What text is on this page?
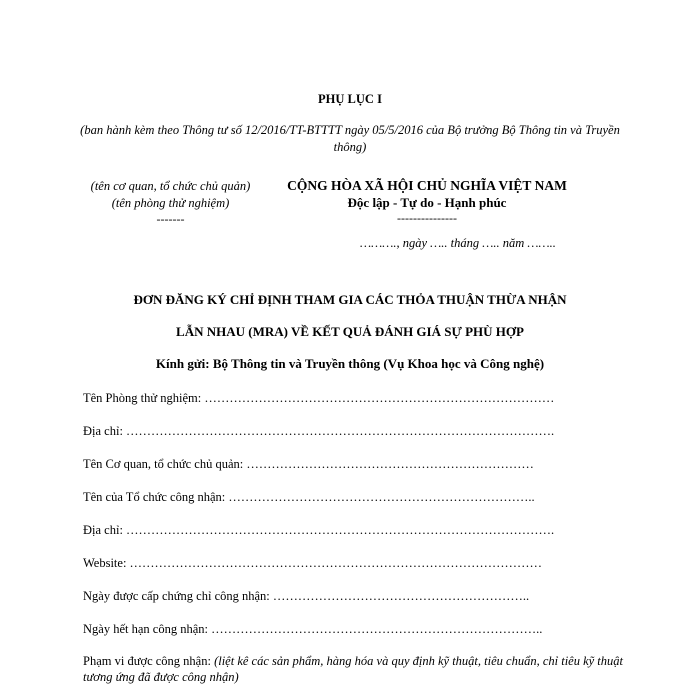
PHỤ LỤC I
(ban hành kèm theo Thông tư số 12/2016/TT-BTTTT ngày 05/5/2016 của Bộ trưởng Bộ Thông tin và Truyền thông)
(tên cơ quan, tổ chức chủ quản)
(tên phòng thử nghiệm)
-------
CỘNG HÒA XÃ HỘI CHỦ NGHĨA VIỆT NAM
Độc lập - Tự do - Hạnh phúc
---------------
………., ngày ….. tháng ….. năm ……..
ĐƠN ĐĂNG KÝ CHỈ ĐỊNH THAM GIA CÁC THỎA THUẬN THỪA NHẬN
LẪN NHAU (MRA) VỀ KẾT QUẢ ĐÁNH GIÁ SỰ PHÙ HỢP
Kính gửi: Bộ Thông tin và Truyền thông (Vụ Khoa học và Công nghệ)
Tên Phòng thử nghiệm: …………………………………………………………………………
Địa chỉ: ………………………………………………………………………………………….
Tên Cơ quan, tổ chức chủ quản: ……………………………………………………………
Tên của Tổ chức công nhận: ………………………………………………………………..
Địa chỉ: ………………………………………………………………………………………….
Website: ………………………………………………………………………………………
Ngày được cấp chứng chỉ công nhận: ……………………………………………………..
Ngày hết hạn công nhận: ……………………………………………………………………..
Phạm vi được công nhận: (liệt kê các sản phẩm, hàng hóa và quy định kỹ thuật, tiêu chuẩn, chỉ tiêu kỹ thuật tương ứng đã được công nhận)
